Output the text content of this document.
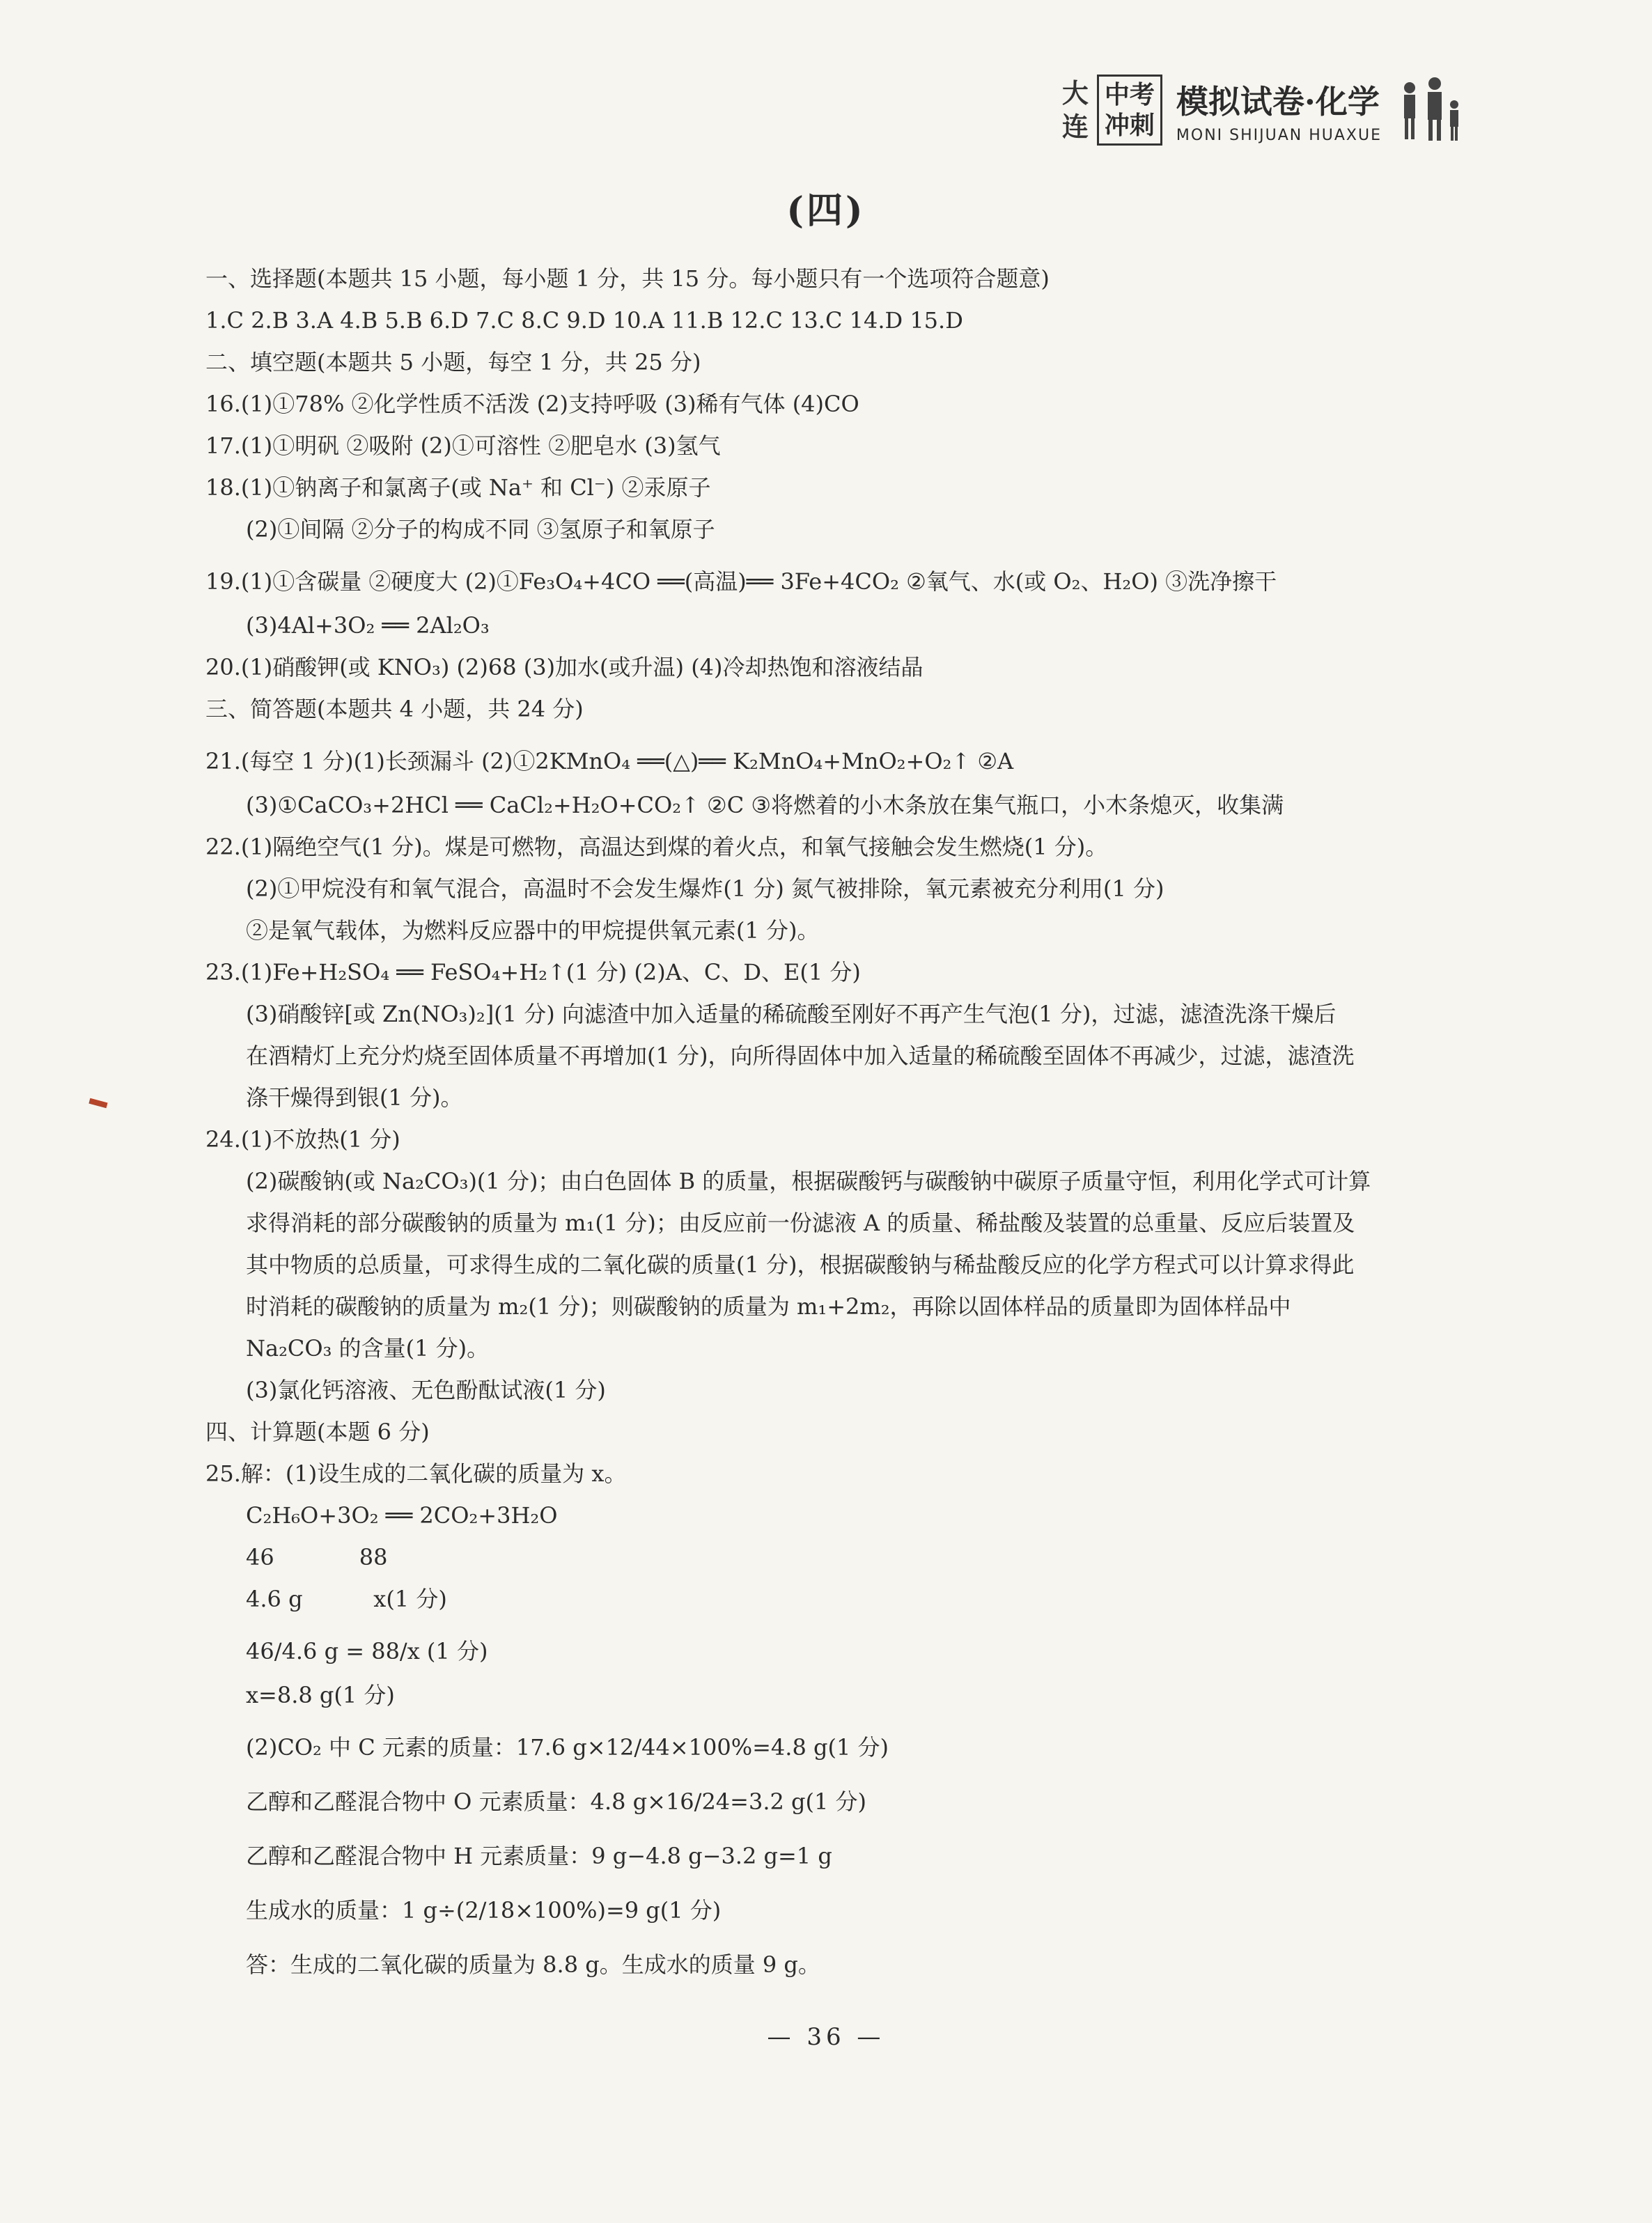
大
连
中考
冲刺
模拟试卷·化学
MONI SHIJUAN HUAXUE
(四)
一、选择题(本题共 15 小题，每小题 1 分，共 15 分。每小题只有一个选项符合题意)
1.C 2.B 3.A 4.B 5.B 6.D 7.C 8.C 9.D 10.A 11.B 12.C 13.C 14.D 15.D
二、填空题(本题共 5 小题，每空 1 分，共 25 分)
16.(1)①78% ②化学性质不活泼 (2)支持呼吸 (3)稀有气体 (4)CO
17.(1)①明矾 ②吸附 (2)①可溶性 ②肥皂水 (3)氢气
18.(1)①钠离子和氯离子(或 Na⁺ 和 Cl⁻) ②汞原子
(2)①间隔 ②分子的构成不同 ③氢原子和氧原子
19.(1)①含碳量 ②硬度大 (2)①Fe₃O₄+4CO ══(高温)══ 3Fe+4CO₂ ②氧气、水(或 O₂、H₂O) ③洗净擦干
(3)4Al+3O₂ ══ 2Al₂O₃
20.(1)硝酸钾(或 KNO₃) (2)68 (3)加水(或升温) (4)冷却热饱和溶液结晶
三、简答题(本题共 4 小题，共 24 分)
21.(每空 1 分)(1)长颈漏斗 (2)①2KMnO₄ ══(△)══ K₂MnO₄+MnO₂+O₂↑ ②A
(3)①CaCO₃+2HCl ══ CaCl₂+H₂O+CO₂↑ ②C ③将燃着的小木条放在集气瓶口，小木条熄灭，收集满
22.(1)隔绝空气(1 分)。煤是可燃物，高温达到煤的着火点，和氧气接触会发生燃烧(1 分)。
(2)①甲烷没有和氧气混合，高温时不会发生爆炸(1 分) 氮气被排除，氧元素被充分利用(1 分)
②是氧气载体，为燃料反应器中的甲烷提供氧元素(1 分)。
23.(1)Fe+H₂SO₄ ══ FeSO₄+H₂↑(1 分) (2)A、C、D、E(1 分)
(3)硝酸锌[或 Zn(NO₃)₂](1 分) 向滤渣中加入适量的稀硫酸至刚好不再产生气泡(1 分)，过滤，滤渣洗涤干燥后
在酒精灯上充分灼烧至固体质量不再增加(1 分)，向所得固体中加入适量的稀硫酸至固体不再减少，过滤，滤渣洗
涤干燥得到银(1 分)。
24.(1)不放热(1 分)
(2)碳酸钠(或 Na₂CO₃)(1 分)；由白色固体 B 的质量，根据碳酸钙与碳酸钠中碳原子质量守恒，利用化学式可计算
求得消耗的部分碳酸钠的质量为 m₁(1 分)；由反应前一份滤液 A 的质量、稀盐酸及装置的总重量、反应后装置及
其中物质的总质量，可求得生成的二氧化碳的质量(1 分)，根据碳酸钠与稀盐酸反应的化学方程式可以计算求得此
时消耗的碳酸钠的质量为 m₂(1 分)；则碳酸钠的质量为 m₁+2m₂，再除以固体样品的质量即为固体样品中
Na₂CO₃ 的含量(1 分)。
(3)氯化钙溶液、无色酚酞试液(1 分)
四、计算题(本题 6 分)
25.解：(1)设生成的二氧化碳的质量为 x。
C₂H₆O+3O₂ ══ 2CO₂+3H₂O
46            88
4.6 g          x(1 分)
46/4.6 g = 88/x (1 分)
x=8.8 g(1 分)
(2)CO₂ 中 C 元素的质量：17.6 g×12/44×100%=4.8 g(1 分)
乙醇和乙醛混合物中 O 元素质量：4.8 g×16/24=3.2 g(1 分)
乙醇和乙醛混合物中 H 元素质量：9 g−4.8 g−3.2 g=1 g
生成水的质量：1 g÷(2/18×100%)=9 g(1 分)
答：生成的二氧化碳的质量为 8.8 g。生成水的质量 9 g。
— 36 —
